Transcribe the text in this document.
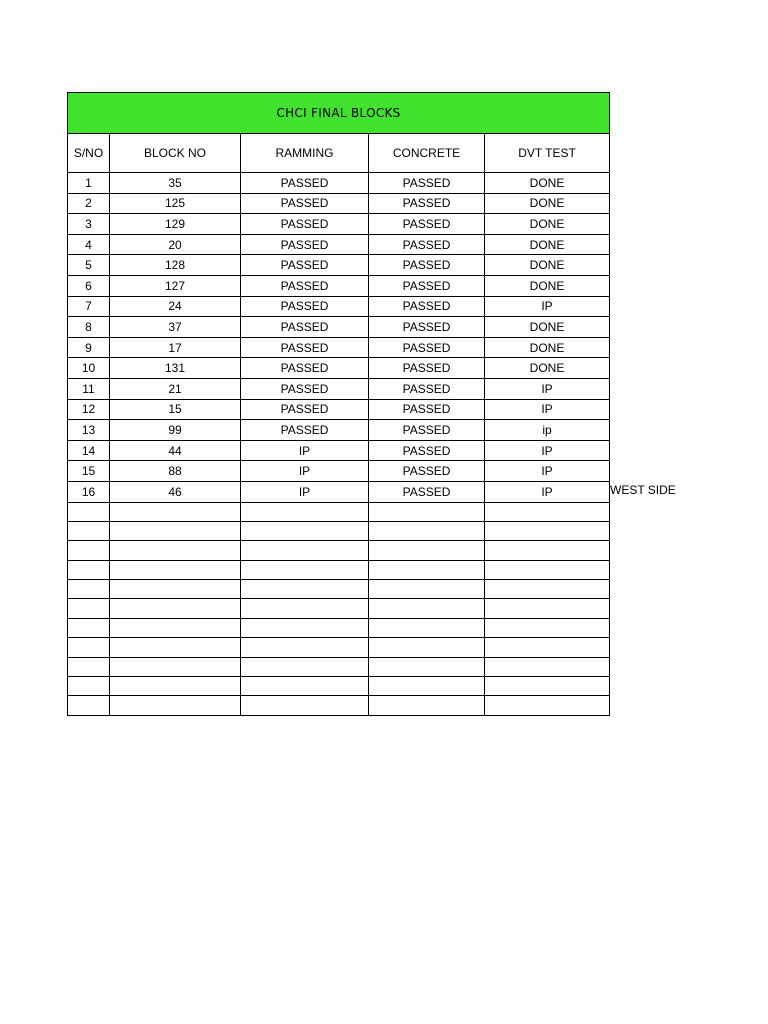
CHCI FINAL BLOCKS				
S/NO	BLOCK NO	RAMMING	CONCRETE	DVT TEST
1	35	PASSED	PASSED	DONE
2	125	PASSED	PASSED	DONE
3	129	PASSED	PASSED	DONE
4	20	PASSED	PASSED	DONE
5	128	PASSED	PASSED	DONE
6	127	PASSED	PASSED	DONE
7	24	PASSED	PASSED	IP
8	37	PASSED	PASSED	DONE
9	17	PASSED	PASSED	DONE
10	131	PASSED	PASSED	DONE
11	21	PASSED	PASSED	IP
12	15	PASSED	PASSED	IP
13	99	PASSED	PASSED	ip
14	44	IP	PASSED	IP
15	88	IP	PASSED	IP
16	46	IP	PASSED	IP

					WEST SIDE
